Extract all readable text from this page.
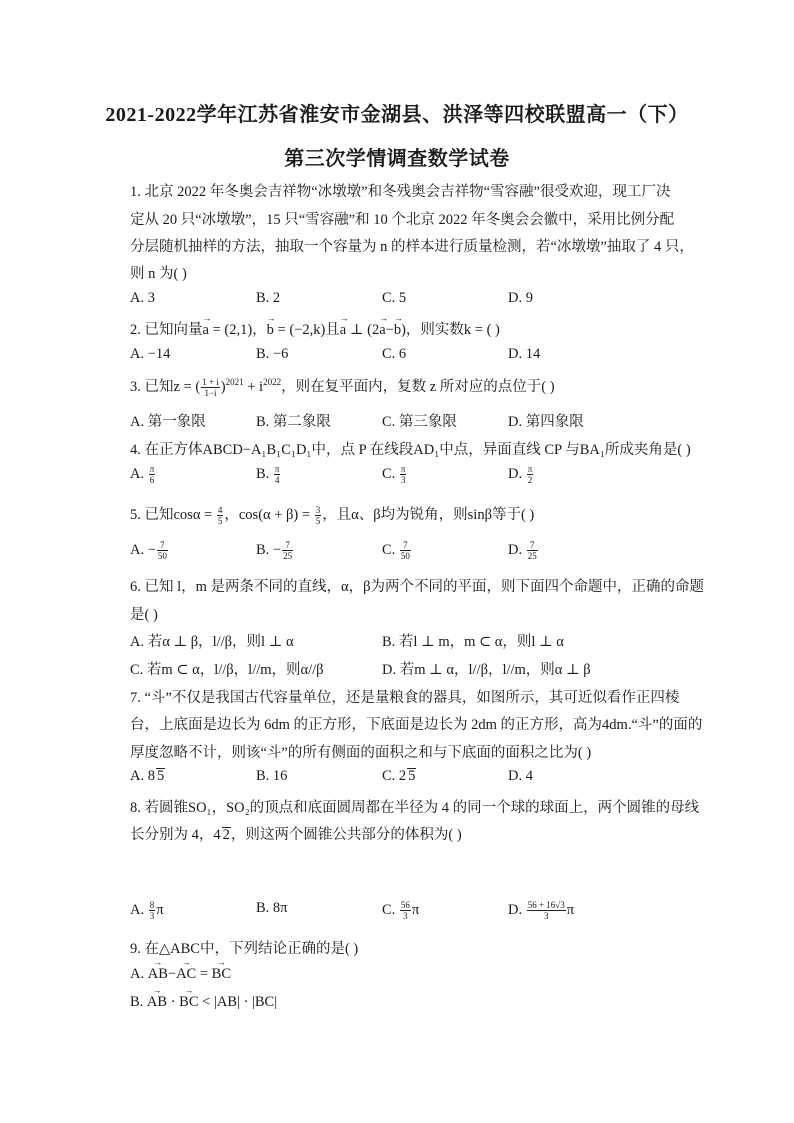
2021-2022学年江苏省淮安市金湖县、洪泽等四校联盟高一（下）
第三次学情调查数学试卷
1. 北京 2022 年冬奥会吉祥物“冰墩墩”和冬残奥会吉祥物“雪容融”很受欢迎，现工厂决
定从 20 只“冰墩墩”，15 只“雪容融”和 10 个北京 2022 年冬奥会会徽中，采用比例分配
分层随机抽样的方法，抽取一个容量为 n 的样本进行质量检测，若“冰墩墩”抽取了 4 只，
则 n 为( )
A. 3	B. 2	C. 5	D. 9
2. 已知向量→ a = (2,1)，→ b = (−2,k)且→ a ⊥ (2→ a−→ b)，则实数k = ( )
A. −14	B. −6	C. 6	D. 14
3. 已知z = ( $\frac{1 + i}{1-i} )^{2021} + i^{2022}$，则在复平面内，复数 z 所对应的点位于( )
A. 第一象限	B. 第二象限	C. 第三象限	D. 第四象限
4. 在正方体ABCD−A₁B₁C₁D₁中，点 P 在线段AD₁中点，异面直线 CP 与BA₁所成夹角是( )
A. $\frac{\pi}{6}$	B. $\frac{\pi}{4}$	C. $\frac{\pi}{3}$	D. $\frac{\pi}{2}$
5. 已知$\cos\alpha = \frac{4}{5}$ ，$\cos(\alpha + \beta) = \frac{3}{5}$ ，且α、β均为锐角，则sinβ等于( )
A. − $\frac{7}{50}$	B. − $\frac{7}{25}$	C. $\frac{7}{50}$	D. $\frac{7}{25}$
6. 已知 l，m 是两条不同的直线，α，β为两个不同的平面，则下面四个命题中，正确的命题
是( )
A. 若α ⊥ β，l//β，则l ⊥ α	B. 若l ⊥ m，m ⊂ α，则l ⊥ α
C. 若m ⊂ α，l//β，l//m，则α//β	D. 若m ⊥ α，l//β，l//m，则α ⊥ β
7. “斗”不仅是我国古代容量单位，还是量粮食的器具，如图所示，其可近似看作正四棱
台，上底面是边长为 6dm 的正方形，下底面是边长为 2dm 的正方形，高为4dm.“斗”的面的
厚度忽略不计，则该“斗”的所有侧面的面积之和与下底面的面积之比为( )
A. 8 5	B. 16	C. 2 5	D. 4
8. 若圆锥SO₁，SO₂的顶点和底面圆周都在半径为 4 的同一个球的球面上，两个圆锥的母线
长分别为 4，4 2，则这两个圆锥公共部分的体积为( )
A. $\frac{8}{3}$ π	B. 8π	C. $\frac{56}{3}$ π	D. $\frac{56 + 16√3}{3}$ π
9. 在△ABC中，下列结论正确的是( )
A. → AB−→ AC = → BC
B. → AB · → BC < |AB| · |BC|
